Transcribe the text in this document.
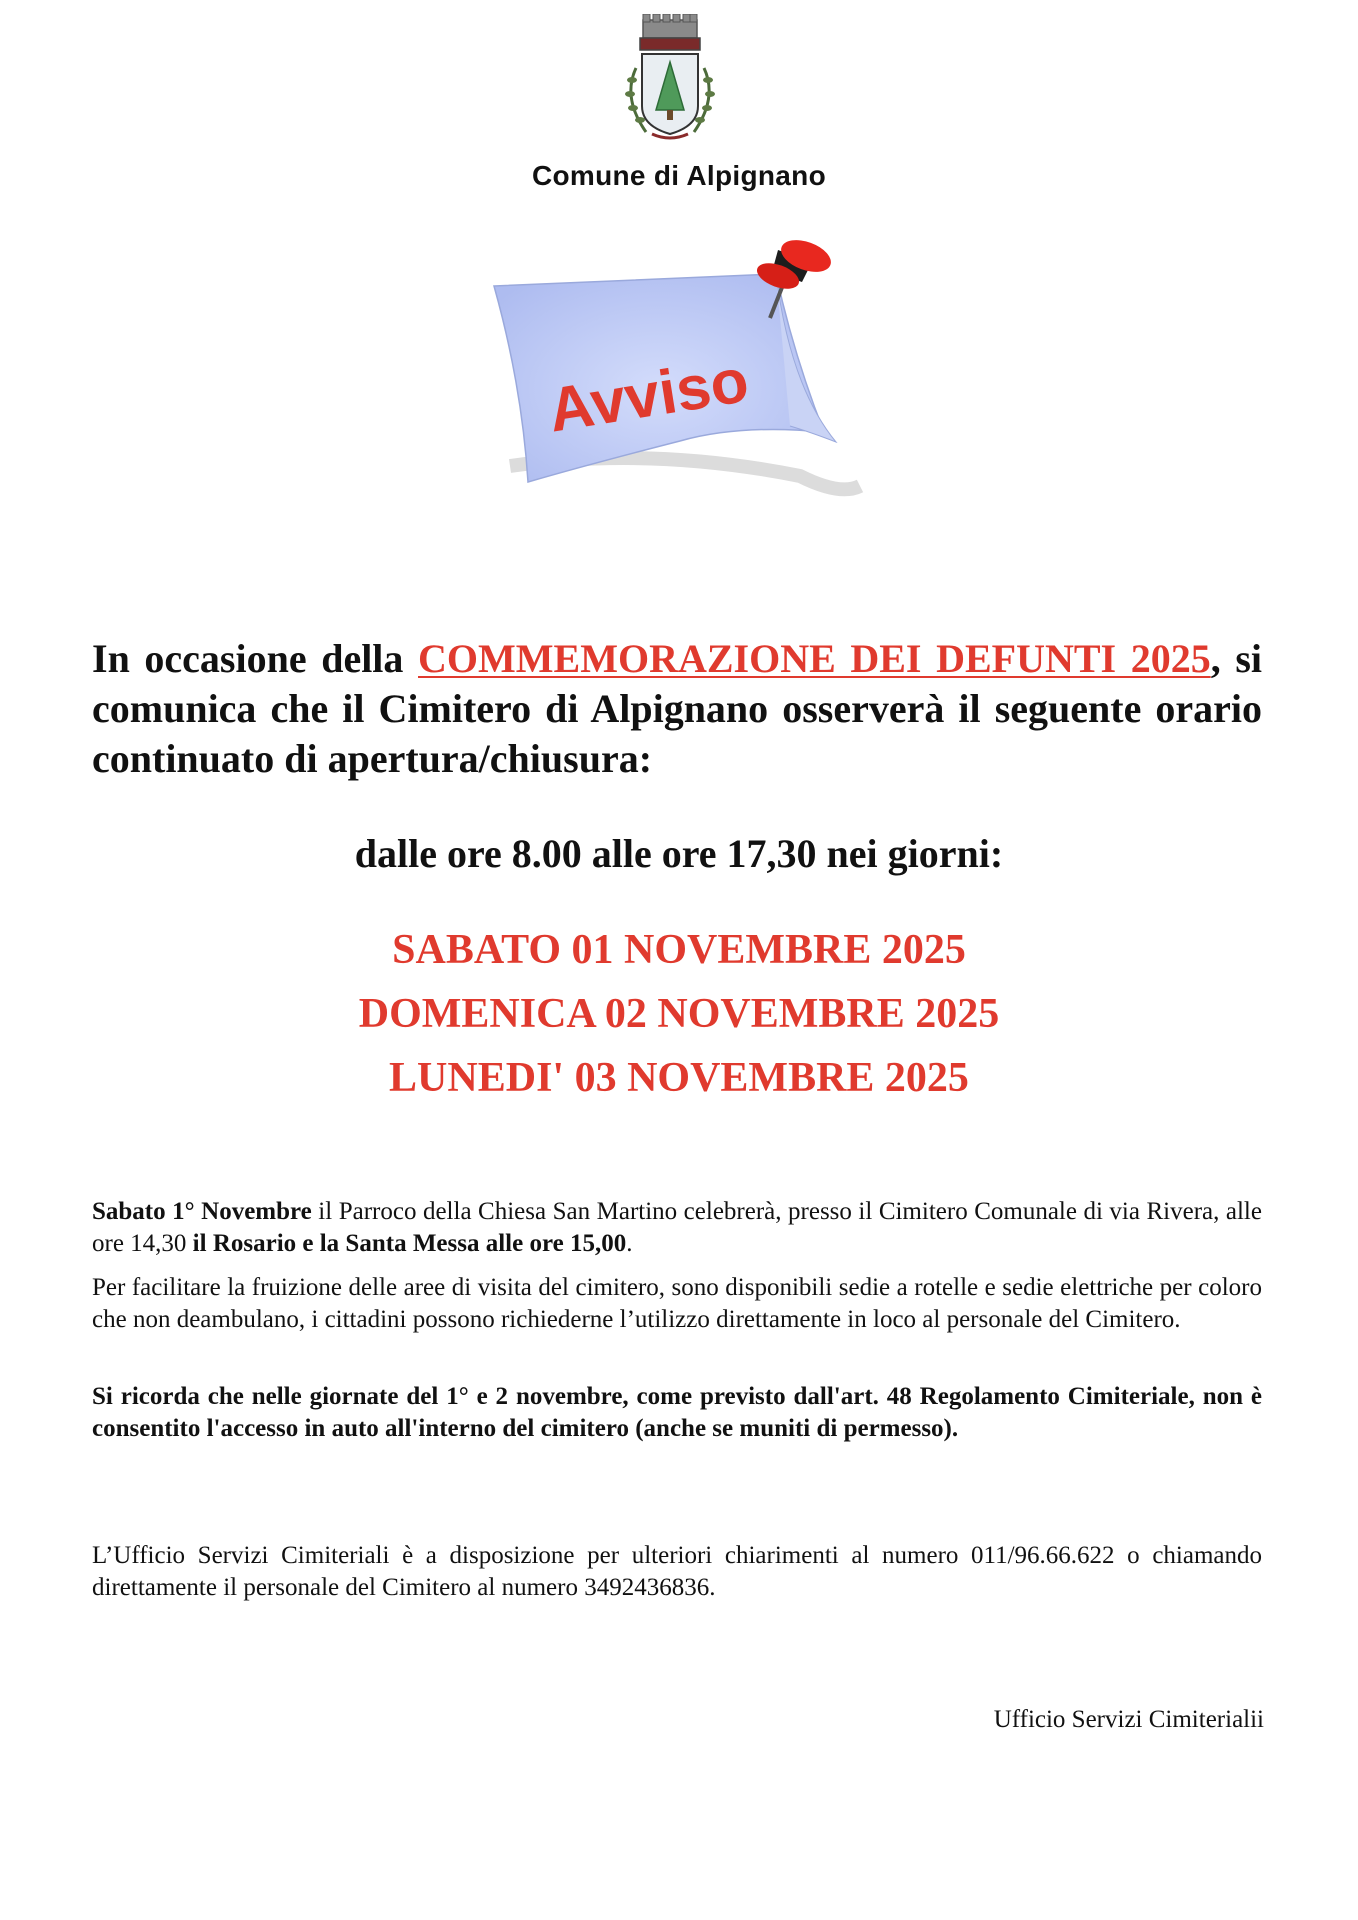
Comune di Alpignano
Avviso
In occasione della COMMEMORAZIONE DEI DEFUNTI 2025, si comunica che il Cimitero di Alpignano osserverà il seguente orario continuato di apertura/chiusura:
dalle ore 8.00 alle ore 17,30 nei giorni:
SABATO 01 NOVEMBRE 2025
DOMENICA 02 NOVEMBRE 2025
LUNEDI' 03 NOVEMBRE 2025
Sabato 1° Novembre il Parroco della Chiesa San Martino celebrerà, presso il Cimitero Comunale di via Rivera, alle ore 14,30 il Rosario e la Santa Messa alle ore 15,00.
Per facilitare la fruizione delle aree di visita del cimitero, sono disponibili sedie a rotelle e sedie elettriche per coloro che non deambulano, i cittadini possono richiederne l’utilizzo direttamente in loco al personale del Cimitero.
Si ricorda che nelle giornate del 1° e 2 novembre, come previsto dall'art. 48 Regolamento Cimiteriale, non è consentito l'accesso in auto all'interno del cimitero (anche se muniti di permesso).
L’Ufficio Servizi Cimiteriali è a disposizione per ulteriori chiarimenti al numero 011/96.66.622 o chiamando direttamente il personale del Cimitero al numero 3492436836.
Ufficio Servizi Cimiterialii
